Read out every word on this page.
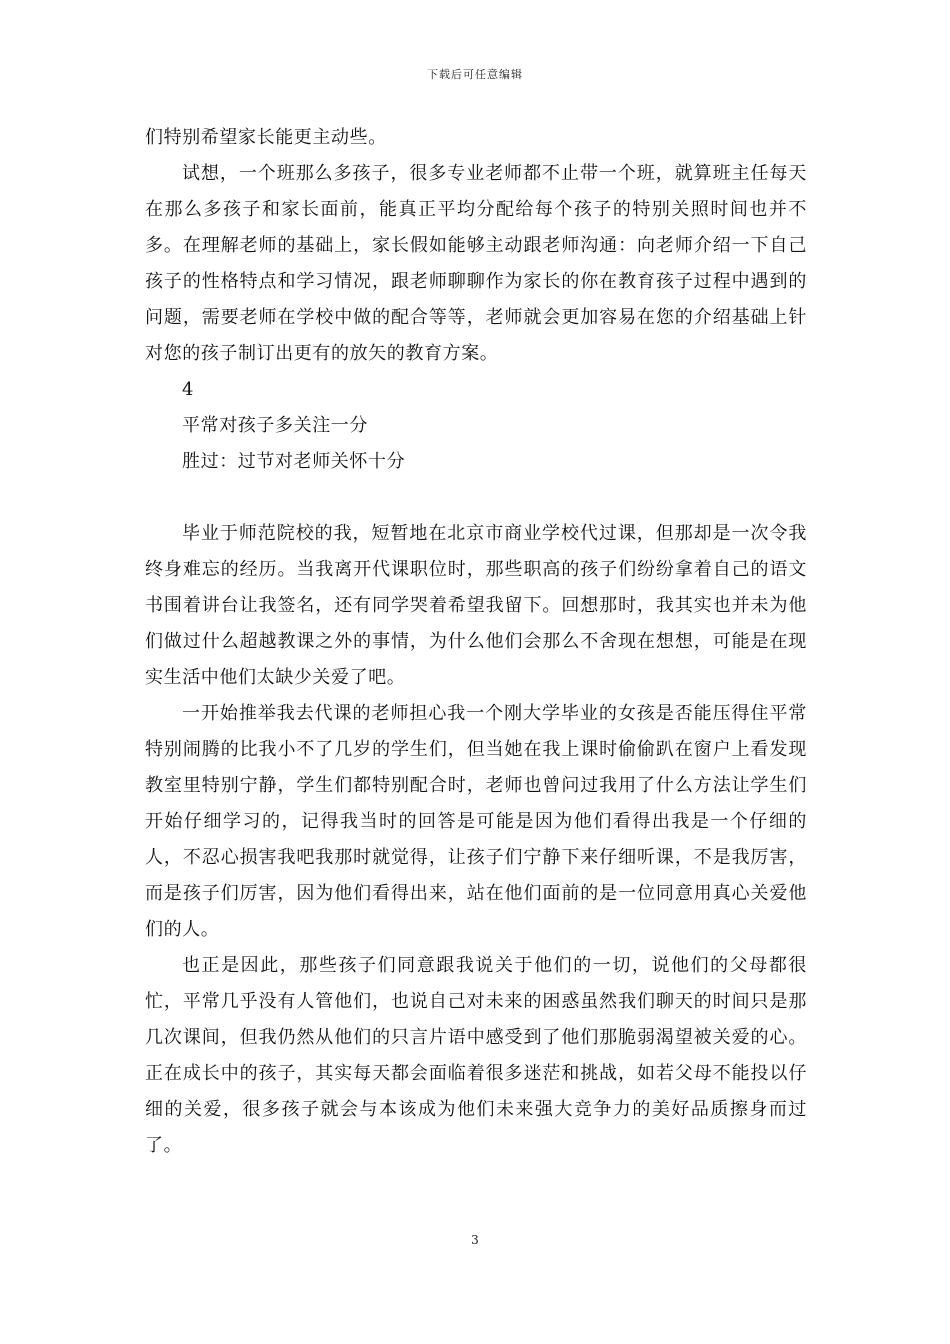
下载后可任意编辑

们特别希望家长能更主动些。

试想，一个班那么多孩子，很多专业老师都不止带一个班，就算班主任每天在那么多孩子和家长面前，能真正平均分配给每个孩子的特别关照时间也并不多。在理解老师的基础上，家长假如能够主动跟老师沟通：向老师介绍一下自己孩子的性格特点和学习情况，跟老师聊聊作为家长的你在教育孩子过程中遇到的问题，需要老师在学校中做的配合等等，老师就会更加容易在您的介绍基础上针对您的孩子制订出更有的放矢的教育方案。

4

平常对孩子多关注一分

胜过：过节对老师关怀十分

毕业于师范院校的我，短暂地在北京市商业学校代过课，但那却是一次令我终身难忘的经历。当我离开代课职位时，那些职高的孩子们纷纷拿着自己的语文书围着讲台让我签名，还有同学哭着希望我留下。回想那时，我其实也并未为他们做过什么超越教课之外的事情，为什么他们会那么不舍现在想想，可能是在现实生活中他们太缺少关爱了吧。

一开始推举我去代课的老师担心我一个刚大学毕业的女孩是否能压得住平常特别闹腾的比我小不了几岁的学生们，但当她在我上课时偷偷趴在窗户上看发现教室里特别宁静，学生们都特别配合时，老师也曾问过我用了什么方法让学生们开始仔细学习的，记得我当时的回答是可能是因为他们看得出我是一个仔细的人，不忍心损害我吧我那时就觉得，让孩子们宁静下来仔细听课，不是我厉害，而是孩子们厉害，因为他们看得出来，站在他们面前的是一位同意用真心关爱他们的人。

也正是因此，那些孩子们同意跟我说关于他们的一切，说他们的父母都很忙，平常几乎没有人管他们，也说自己对未来的困惑虽然我们聊天的时间只是那几次课间，但我仍然从他们的只言片语中感受到了他们那脆弱渴望被关爱的心。正在成长中的孩子，其实每天都会面临着很多迷茫和挑战，如若父母不能投以仔细的关爱，很多孩子就会与本该成为他们未来强大竞争力的美好品质擦身而过了。

3
